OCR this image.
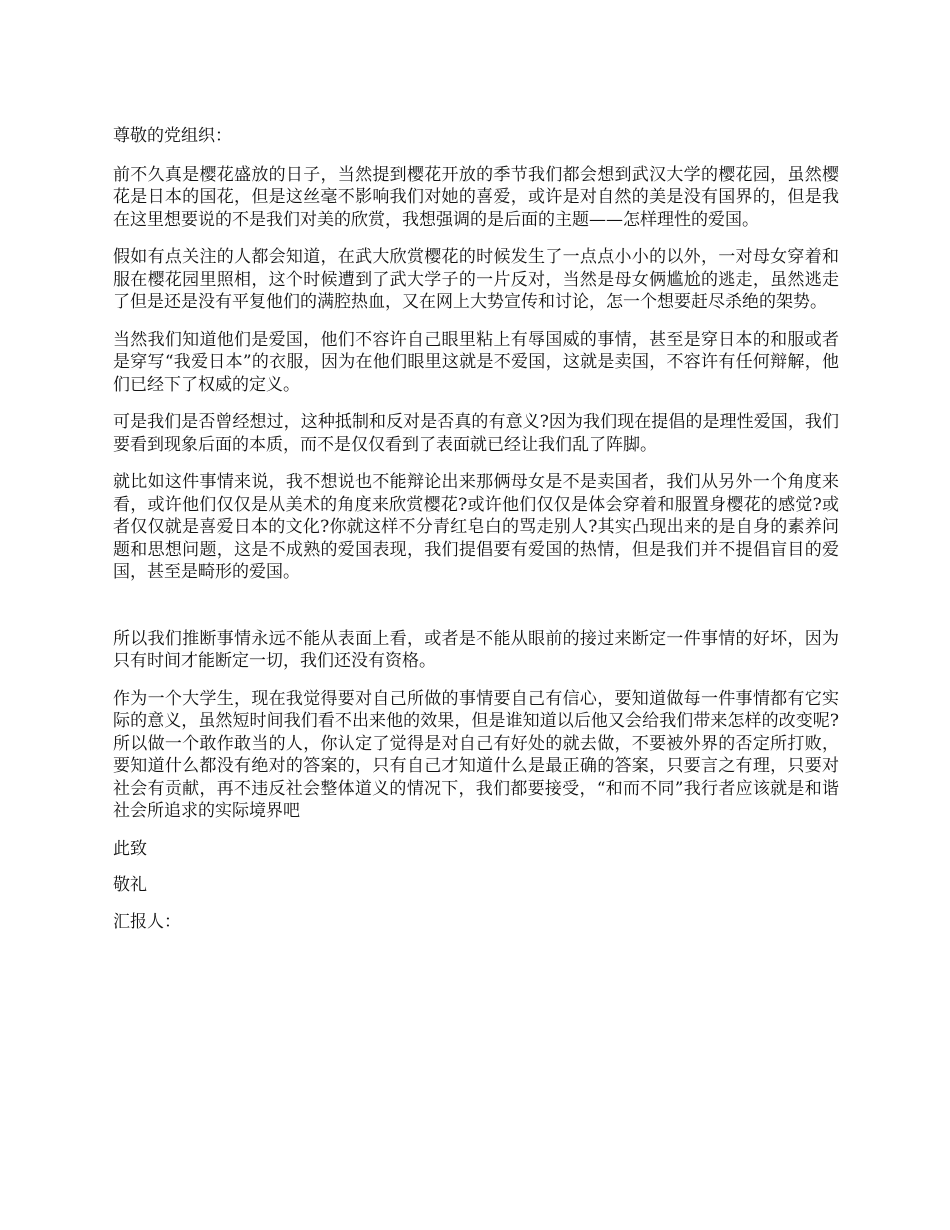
尊敬的党组织：

前不久真是樱花盛放的日子，当然提到樱花开放的季节我们都会想到武汉大学的樱花园，虽然樱花是日本的国花，但是这丝毫不影响我们对她的喜爱，或许是对自然的美是没有国界的，但是我在这里想要说的不是我们对美的欣赏，我想强调的是后面的主题——怎样理性的爱国。

假如有点关注的人都会知道，在武大欣赏樱花的时候发生了一点点小小的以外，一对母女穿着和服在樱花园里照相，这个时候遭到了武大学子的一片反对，当然是母女俩尴尬的逃走，虽然逃走了但是还是没有平复他们的满腔热血，又在网上大势宣传和讨论，怎一个想要赶尽杀绝的架势。

当然我们知道他们是爱国，他们不容许自己眼里粘上有辱国威的事情，甚至是穿日本的和服或者是穿写“我爱日本”的衣服，因为在他们眼里这就是不爱国，这就是卖国，不容许有任何辩解，他们已经下了权威的定义。

可是我们是否曾经想过，这种抵制和反对是否真的有意义?因为我们现在提倡的是理性爱国，我们要看到现象后面的本质，而不是仅仅看到了表面就已经让我们乱了阵脚。

就比如这件事情来说，我不想说也不能辩论出来那俩母女是不是卖国者，我们从另外一个角度来看，或许他们仅仅是从美术的角度来欣赏樱花?或许他们仅仅是体会穿着和服置身樱花的感觉?或者仅仅就是喜爱日本的文化?你就这样不分青红皂白的骂走别人?其实凸现出来的是自身的素养问题和思想问题，这是不成熟的爱国表现，我们提倡要有爱国的热情，但是我们并不提倡盲目的爱国，甚至是畸形的爱国。

所以我们推断事情永远不能从表面上看，或者是不能从眼前的接过来断定一件事情的好坏，因为只有时间才能断定一切，我们还没有资格。

作为一个大学生，现在我觉得要对自己所做的事情要自己有信心，要知道做每一件事情都有它实际的意义，虽然短时间我们看不出来他的效果，但是谁知道以后他又会给我们带来怎样的改变呢?所以做一个敢作敢当的人，你认定了觉得是对自己有好处的就去做，不要被外界的否定所打败，要知道什么都没有绝对的答案的，只有自己才知道什么是最正确的答案，只要言之有理，只要对社会有贡献，再不违反社会整体道义的情况下，我们都要接受，“和而不同”我行者应该就是和谐社会所追求的实际境界吧

此致

敬礼

汇报人：
